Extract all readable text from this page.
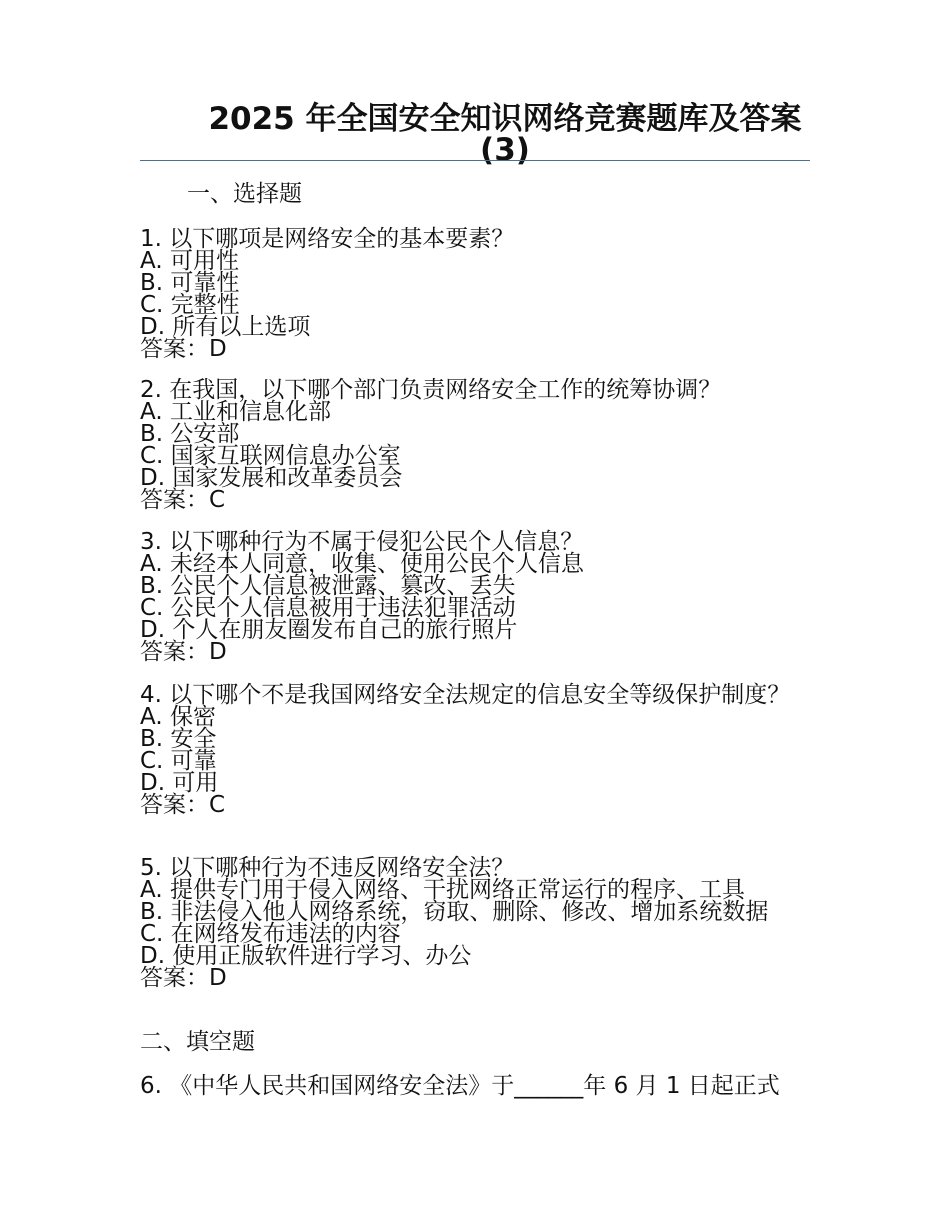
2025 年全国安全知识网络竞赛题库及答案(3)
一、选择题
1. 以下哪项是网络安全的基本要素？
A. 可用性
B. 可靠性
C. 完整性
D. 所有以上选项
答案：D
2. 在我国，以下哪个部门负责网络安全工作的统筹协调？
A. 工业和信息化部
B. 公安部
C. 国家互联网信息办公室
D. 国家发展和改革委员会
答案：C
3. 以下哪种行为不属于侵犯公民个人信息？
A. 未经本人同意，收集、使用公民个人信息
B. 公民个人信息被泄露、篡改、丢失
C. 公民个人信息被用于违法犯罪活动
D. 个人在朋友圈发布自己的旅行照片
答案：D
4. 以下哪个不是我国网络安全法规定的信息安全等级保护制度？
A. 保密
B. 安全
C. 可靠
D. 可用
答案：C
5. 以下哪种行为不违反网络安全法？
A. 提供专门用于侵入网络、干扰网络正常运行的程序、工具
B. 非法侵入他人网络系统，窃取、删除、修改、增加系统数据
C. 在网络发布违法的内容
D. 使用正版软件进行学习、办公
答案：D
二、填空题
6. 《中华人民共和国网络安全法》于______年 6 月 1 日起正式
